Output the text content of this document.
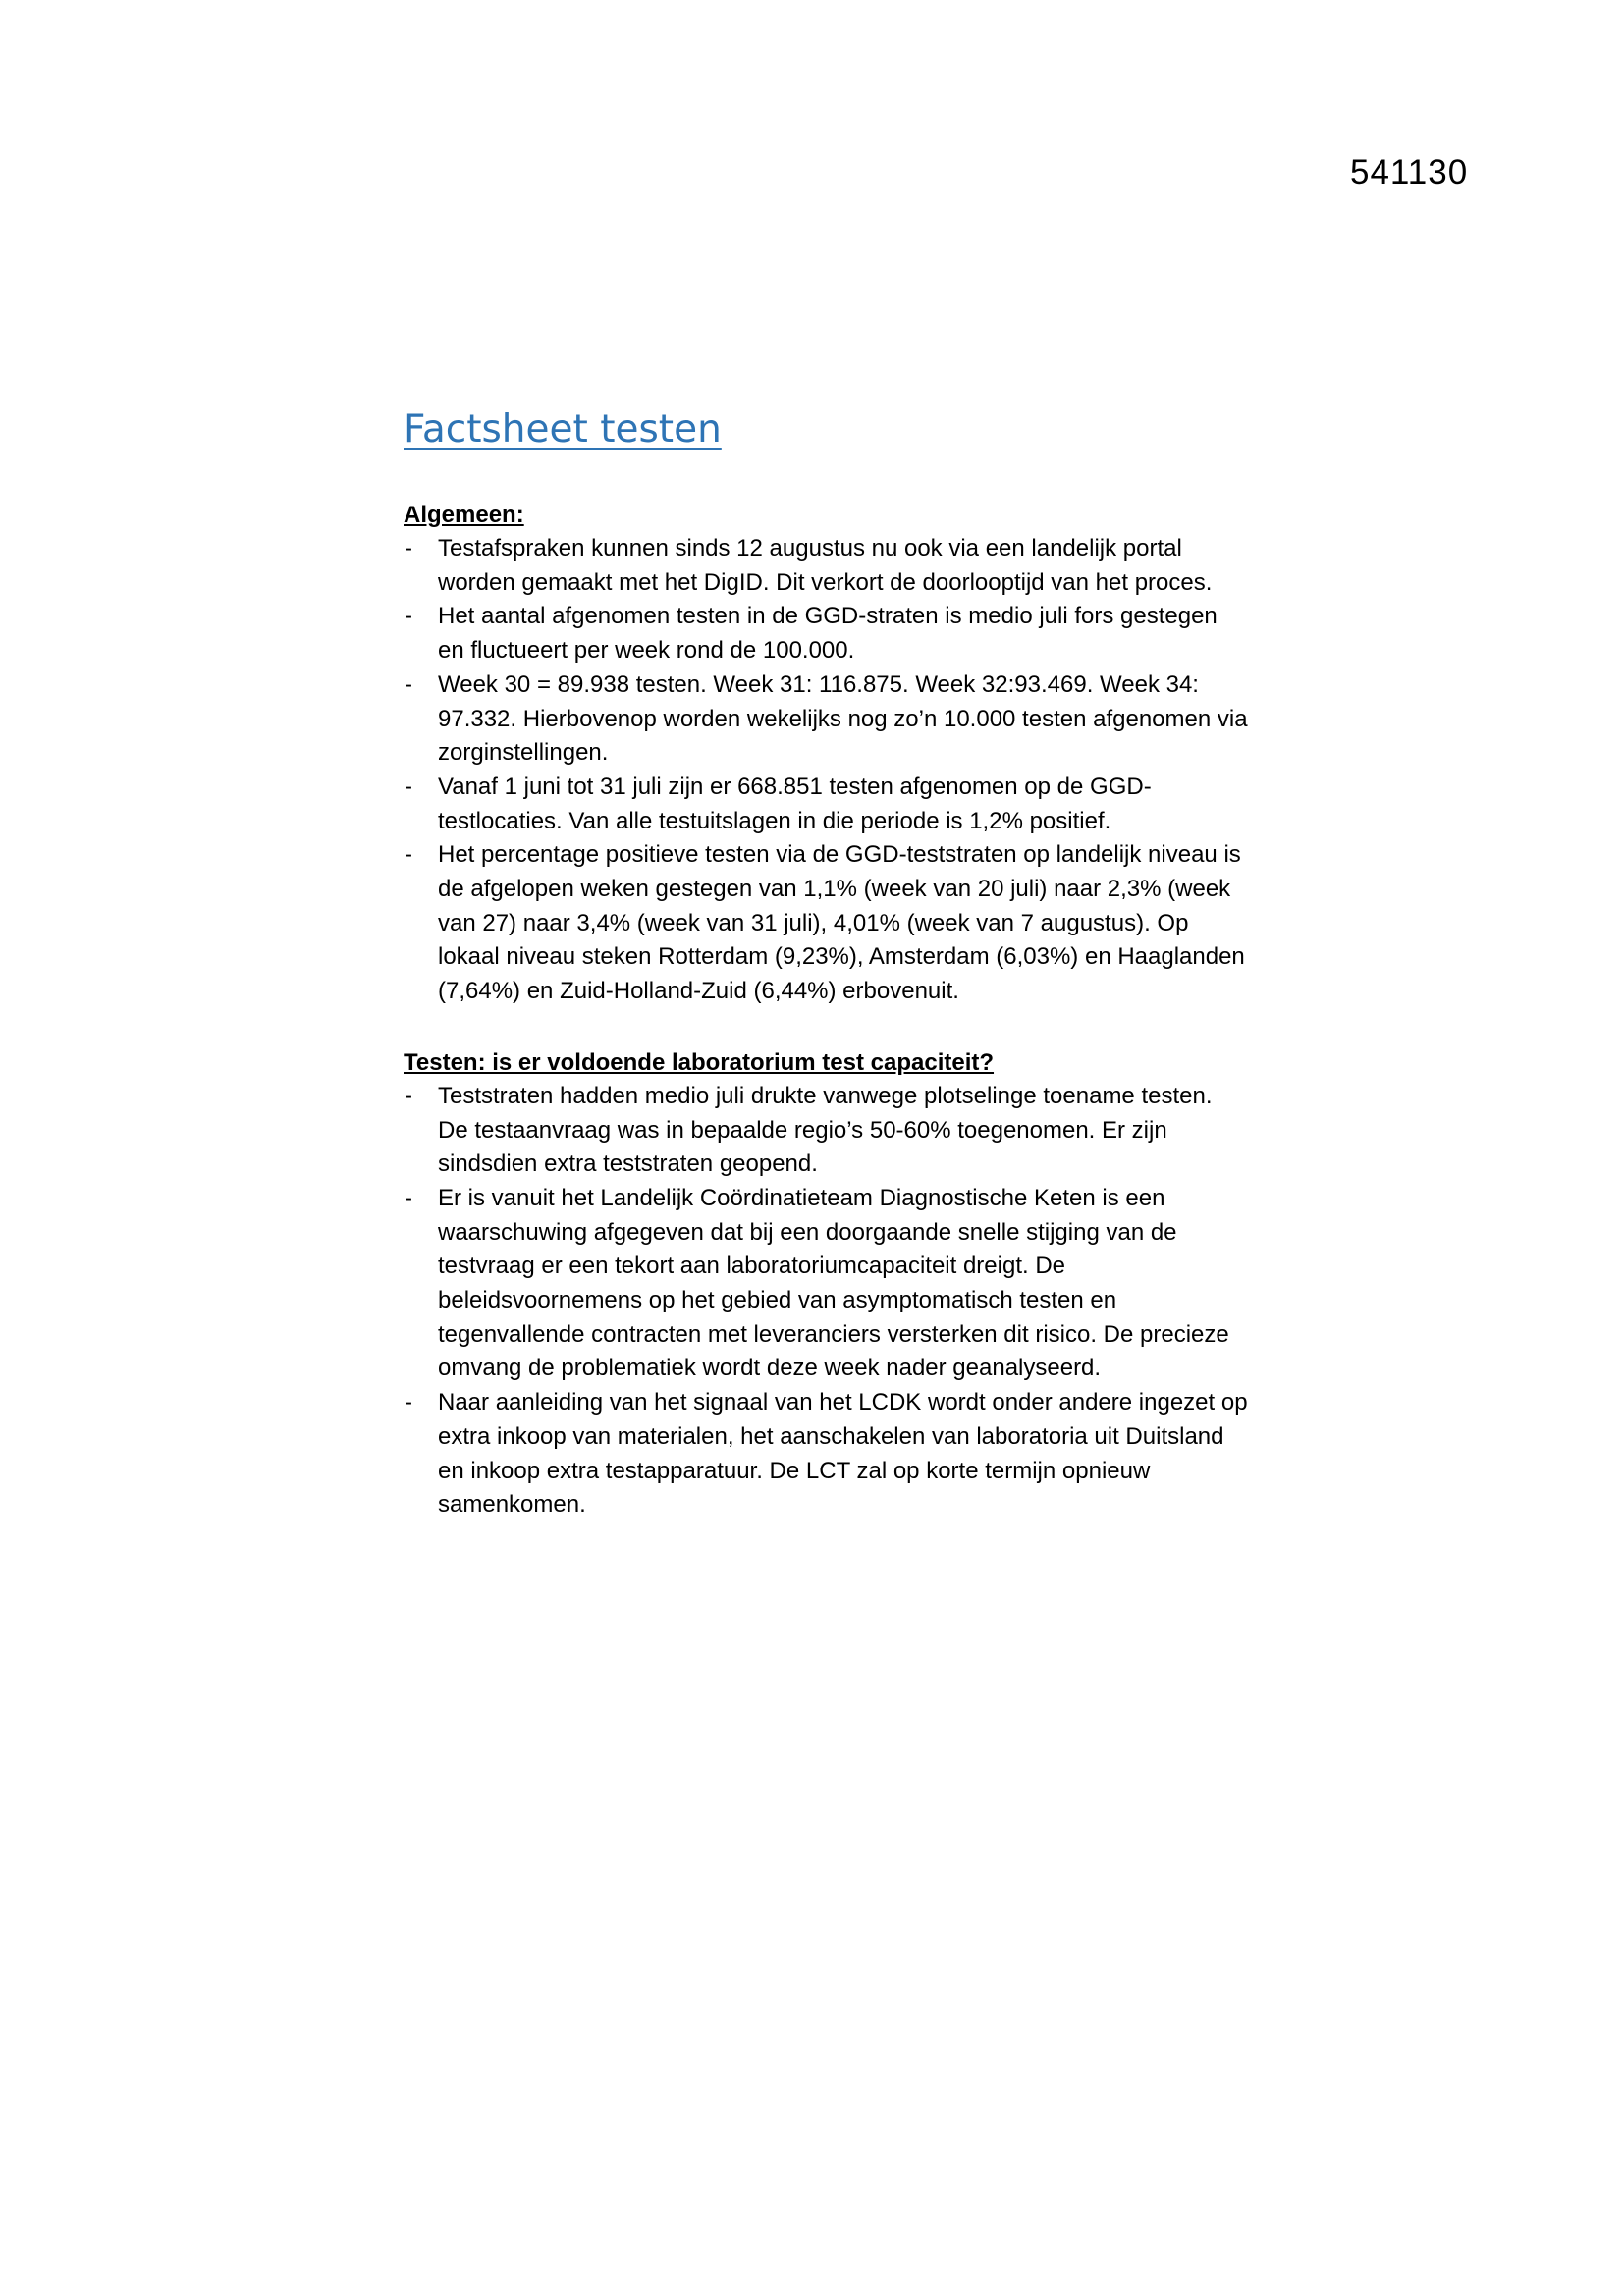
541130
Factsheet testen
Algemeen:
- Testafspraken kunnen sinds 12 augustus nu ook via een landelijk portal worden gemaakt met het DigID. Dit verkort de doorlooptijd van het proces.
- Het aantal afgenomen testen in de GGD-straten is medio juli fors gestegen en fluctueert per week rond de 100.000.
- Week 30 = 89.938 testen. Week 31: 116.875. Week 32:93.469. Week 34: 97.332. Hierbovenop worden wekelijks nog zo’n 10.000 testen afgenomen via zorginstellingen.
- Vanaf 1 juni tot 31 juli zijn er 668.851 testen afgenomen op de GGD-testlocaties. Van alle testuitslagen in die periode is 1,2% positief.
- Het percentage positieve testen via de GGD-teststraten op landelijk niveau is de afgelopen weken gestegen van 1,1% (week van 20 juli) naar 2,3% (week van 27) naar 3,4% (week van 31 juli), 4,01% (week van 7 augustus). Op lokaal niveau steken Rotterdam (9,23%), Amsterdam (6,03%) en Haaglanden (7,64%) en Zuid-Holland-Zuid (6,44%) erbovenuit.
Testen: is er voldoende laboratorium test capaciteit?
- Teststraten hadden medio juli drukte vanwege plotselinge toename testen. De testaanvraag was in bepaalde regio’s 50-60% toegenomen. Er zijn sindsdien extra teststraten geopend.
- Er is vanuit het Landelijk Coördinatieteam Diagnostische Keten is een waarschuwing afgegeven dat bij een doorgaande snelle stijging van de testvraag er een tekort aan laboratoriumcapaciteit dreigt. De beleidsvoornemens op het gebied van asymptomatisch testen en tegenvallende contracten met leveranciers versterken dit risico. De precieze omvang de problematiek wordt deze week nader geanalyseerd.
- Naar aanleiding van het signaal van het LCDK wordt onder andere ingezet op extra inkoop van materialen, het aanschakelen van laboratoria uit Duitsland en inkoop extra testapparatuur. De LCT zal op korte termijn opnieuw samenkomen.
